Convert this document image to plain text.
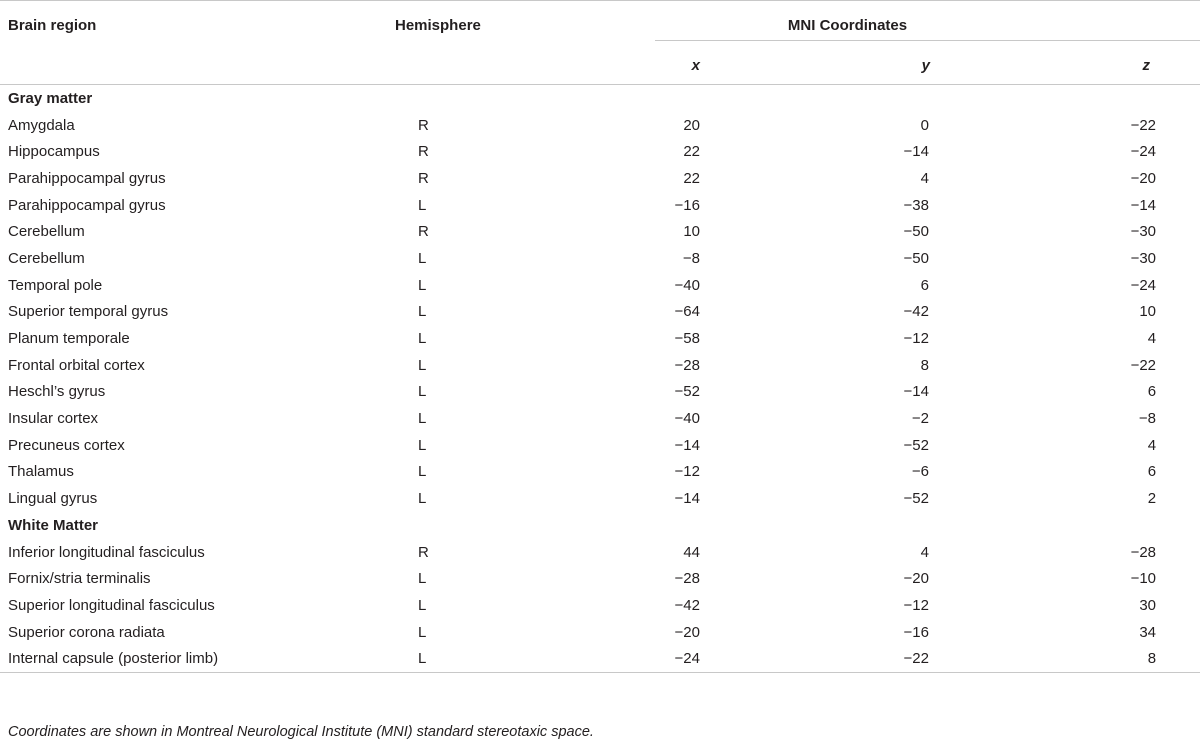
Brain region	Hemisphere	MNI Coordinates		

		x	y	z
Gray matter				
Amygdala	R	20	0	−22
Hippocampus	R	22	−14	−24
Parahippocampal gyrus	R	22	4	−20
Parahippocampal gyrus	L	−16	−38	−14
Cerebellum	R	10	−50	−30
Cerebellum	L	−8	−50	−30
Temporal pole	L	−40	6	−24
Superior temporal gyrus	L	−64	−42	10
Planum temporale	L	−58	−12	4
Frontal orbital cortex	L	−28	8	−22
Heschl’s gyrus	L	−52	−14	6
Insular cortex	L	−40	−2	−8
Precuneus cortex	L	−14	−52	4
Thalamus	L	−12	−6	6
Lingual gyrus	L	−14	−52	2
White Matter				
Inferior longitudinal fasciculus	R	44	4	−28
Fornix/stria terminalis	L	−28	−20	−10
Superior longitudinal fasciculus	L	−42	−12	30
Superior corona radiata	L	−20	−16	34
Internal capsule (posterior limb)	L	−24	−22	8
Coordinates are shown in Montreal Neurological Institute (MNI) standard stereotaxic space.
